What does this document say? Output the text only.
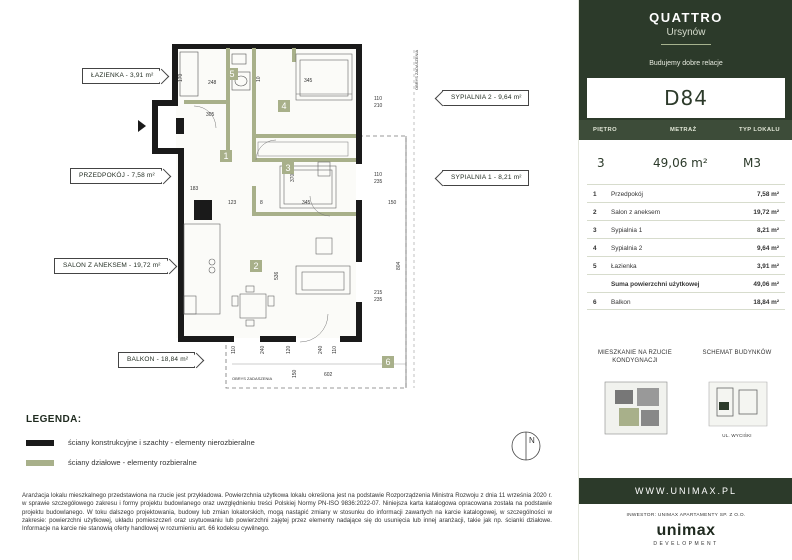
1
2
3
4
5
6
170
248
305
10	345
110
210
110
235
183
123	8	345	150
536
370
804
215
235
110	240	120	240 110
150	602
OBRYS ZADASZENIA
OBRYS ZADASZENIA
ŁAZIENKA - 3,91 m²
PRZEDPOKÓJ - 7,58 m²
SALON Z ANEKSEM - 19,72 m²
BALKON - 18,84 m²
SYPIALNIA 2 - 9,64 m²
SYPIALNIA 1 - 8,21 m²
N
LEGENDA:
ściany konstrukcyjne i szachty - elementy nierozbieralne
ściany działowe - elementy rozbieralne
Aranżacja lokalu mieszkalnego przedstawiona na rzucie jest przykładowa. Powierzchnia użytkowa lokalu określona jest na podstawie Rozporządzenia Ministra Rozwoju z dnia 11 września 2020 r. w sprawie szczegółowego zakresu i formy projektu budowlanego oraz uwzględnieniu treści Polskiej Normy PN-ISO 9836:2022-07. Niniejsza karta katalogowa opracowana została na podstawie projektu budowlanego. W toku dalszego projektowania, budowy lub zmian lokatorskich, mogą nastąpić zmiany w stosunku do informacji zawartych na karcie katalogowej, w szczególności w zakresie: powierzchni użytkowej, układu pomieszczeń oraz usytuowaniu lub powierzchni zajętej przez elementy nadające się do usunięcia lub innej aranżacji, takie jak np. ścianki działowe. Informacje na karcie nie stanowią oferty handlowej w rozumieniu art. 66 kodeksu cywilnego.
QUATTRO
Ursynów
Budujemy dobre relacje
D84
PIĘTRO	METRAŻ	TYP LOKALU
3	49,06 m²	M3
1 Przedpokój	7,58 m²
2 Salon z aneksem	19,72 m²
3 Sypialnia 1	8,21 m²
4 Sypialnia 2	9,64 m²
5 Łazienka	3,91 m²
Suma powierzchni użytkowej	49,06 m²
6 Balkon	18,84 m²
MIESZKANIE NA RZUCIE KONDYGNACJI
SCHEMAT BUDYNKÓW
UL. WYCIŚKI
WWW.UNIMAX.PL
INWESTOR: UNIMAX APARTAMENTY SP. Z O.O.
unimax
DEVELOPMENT
